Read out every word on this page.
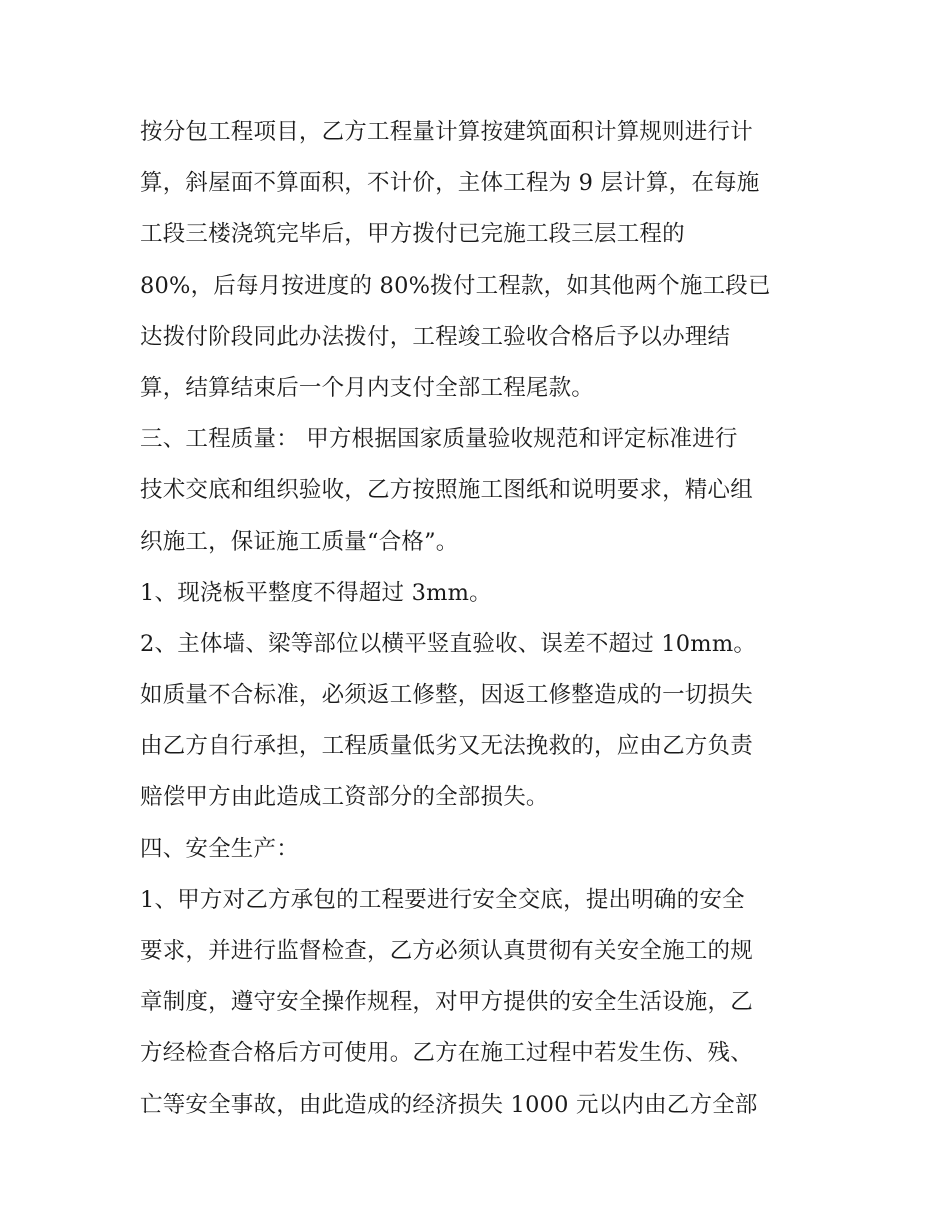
按分包工程项目，乙方工程量计算按建筑面积计算规则进行计
算，斜屋面不算面积，不计价，主体工程为 9 层计算，在每施
工段三楼浇筑完毕后，甲方拨付已完施工段三层工程的
80%，后每月按进度的 80%拨付工程款，如其他两个施工段已
达拨付阶段同此办法拨付，工程竣工验收合格后予以办理结
算，结算结束后一个月内支付全部工程尾款。
三、工程质量： 甲方根据国家质量验收规范和评定标准进行
技术交底和组织验收，乙方按照施工图纸和说明要求，精心组
织施工，保证施工质量“合格”。
1、现浇板平整度不得超过 3mm。
2、主体墙、梁等部位以横平竖直验收、误差不超过 10mm。
如质量不合标准，必须返工修整，因返工修整造成的一切损失
由乙方自行承担，工程质量低劣又无法挽救的，应由乙方负责
赔偿甲方由此造成工资部分的全部损失。
四、安全生产：
1、甲方对乙方承包的工程要进行安全交底，提出明确的安全
要求，并进行监督检查，乙方必须认真贯彻有关安全施工的规
章制度，遵守安全操作规程，对甲方提供的安全生活设施，乙
方经检查合格后方可使用。乙方在施工过程中若发生伤、残、
亡等安全事故，由此造成的经济损失 1000 元以内由乙方全部
